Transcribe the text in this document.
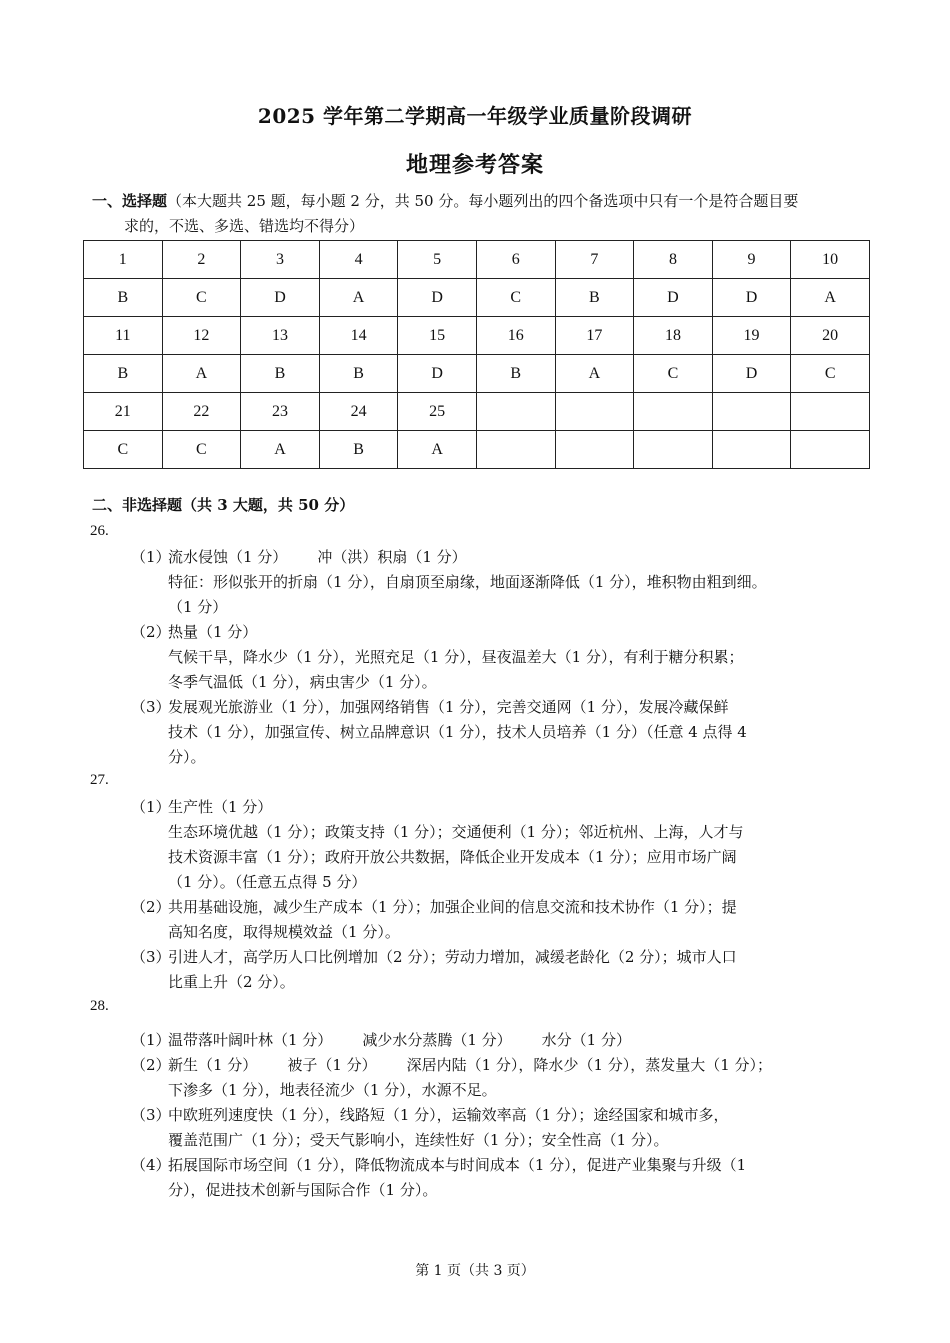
2025 学年第二学期高一年级学业质量阶段调研
地理参考答案
一、选择题（本大题共 25 题，每小题 2 分，共 50 分。每小题列出的四个备选项中只有一个是符合题目要
求的，不选、多选、错选均不得分）
1	2	3	4	5	6	7	8	9	10
B	C	D	A	D	C	B	D	D	A
11	12	13	14	15	16	17	18	19	20
B	A	B	B	D	B	A	C	D	C
21	22	23	24	25					
C	C	A	B	A					
二、非选择题（共 3 大题，共 50 分）
26.
（1）

流水侵蚀（1 分） 冲（洪）积扇（1 分）

特征：形似张开的折扇（1 分），自扇顶至扇缘，地面逐渐降低（1 分），堆积物由粗到细。

（1 分）

（2）

热量（1 分）

气候干旱，降水少（1 分），光照充足（1 分），昼夜温差大（1 分），有利于糖分积累；

冬季气温低（1 分），病虫害少（1 分）。

（3）

发展观光旅游业（1 分），加强网络销售（1 分），完善交通网（1 分），发展冷藏保鲜

技术（1 分），加强宣传、树立品牌意识（1 分），技术人员培养（1 分）（任意 4 点得 4

分）。

27.
（1）

生产性（1 分）

生态环境优越（1 分）；政策支持（1 分）；交通便利（1 分）；邻近杭州、上海，人才与

技术资源丰富（1 分）；政府开放公共数据，降低企业开发成本（1 分）；应用市场广阔

（1 分）。（任意五点得 5 分）

（2）

共用基础设施，减少生产成本（1 分）；加强企业间的信息交流和技术协作（1 分）；提

高知名度，取得规模效益（1 分）。

（3）

引进人才，高学历人口比例增加（2 分）；劳动力增加，减缓老龄化（2 分）；城市人口

比重上升（2 分）。

28.
（1）

温带落叶阔叶林（1 分） 减少水分蒸腾（1 分） 水分（1 分）

（2）

新生（1 分） 被子（1 分） 深居内陆（1 分），降水少（1 分），蒸发量大（1 分）；

下渗多（1 分），地表径流少（1 分），水源不足。

（3）

中欧班列速度快（1 分），线路短（1 分），运输效率高（1 分）；途经国家和城市多，

覆盖范围广（1 分）；受天气影响小，连续性好（1 分）；安全性高（1 分）。

（4）

拓展国际市场空间（1 分），降低物流成本与时间成本（1 分），促进产业集聚与升级（1

分），促进技术创新与国际合作（1 分）。

第 1 页（共 3 页）
